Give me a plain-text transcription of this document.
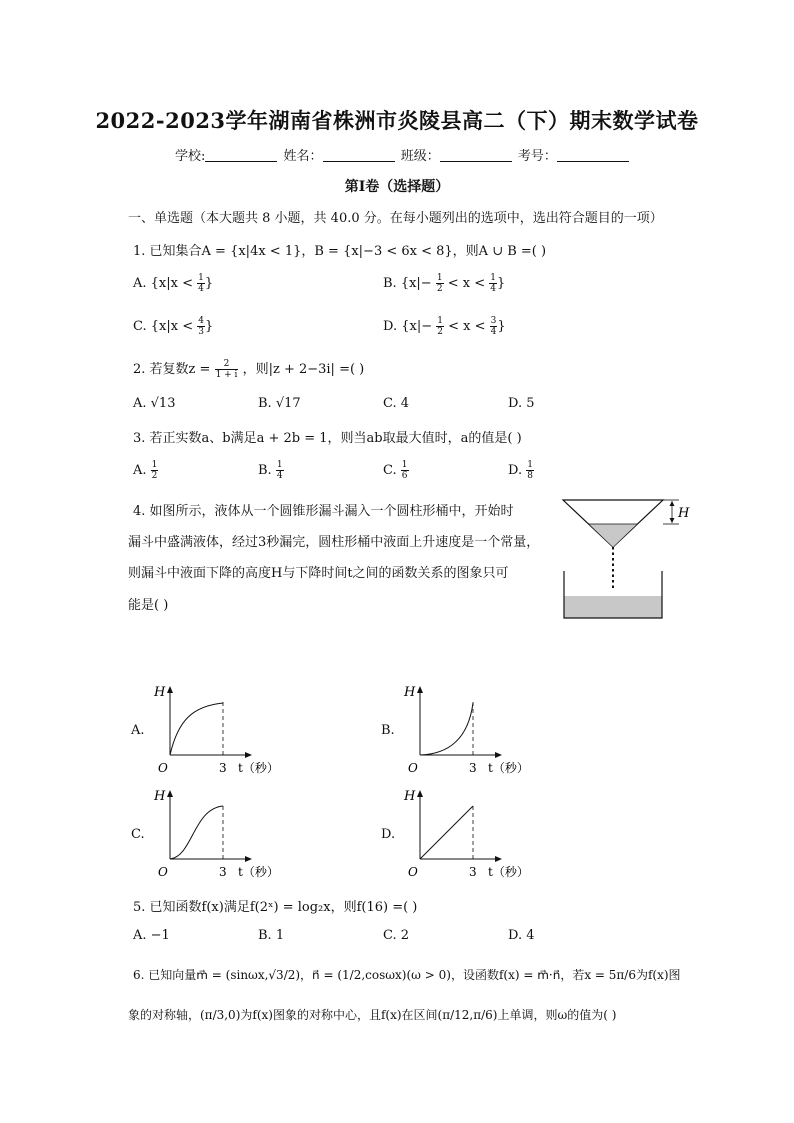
2022-2023学年湖南省株洲市炎陵县高二（下）期末数学试卷
学校:	姓名：	班级：	考号：
第I卷（选择题）
一、单选题（本大题共 8 小题，共 40.0 分。在每小题列出的选项中，选出符合题目的一项）
1. 已知集合A = {x|4x < 1}，B = {x|−3 < 6x < 8}，则A ∪ B =( )
A. {$x|x < \frac{1}{4}$ }	B. {$x|- \frac{1}{2} < x < \frac{1}{4}$ }
C. {$x|x < \frac{4}{3}$ }	D. {$x|- \frac{1}{2} < x < \frac{3}{4}$ }
2. 若复数$z = \frac{2}{1 + i}$ ，则|z + 2−3i| =( )
A. √13	B. √17	C. 4	D. 5
3. 若正实数a、b满足a + 2b = 1，则当ab取最大值时，a的值是( )
A. $\frac{1}{2}$	B. $\frac{1}{4}$	C. $\frac{1}{6}$	D. $\frac{1}{8}$
4. 如图所示，液体从一个圆锥形漏斗漏入一个圆柱形桶中，开始时
漏斗中盛满液体，经过3秒漏完，圆柱形桶中液面上升速度是一个常量，
则漏斗中液面下降的高度H与下降时间t之间的函数关系的图象只可
能是( )
H
A.	B.
C.	D.
H
O	3 t（秒）
H
O	3 t（秒）
H
O	3 t（秒）
H
O	3 t（秒）
5. 已知函数f(x)满足f(2ˣ) = log₂x，则f(16) =( )
A. −1	B. 1	C. 2	D. 4
6. 已知向量m⃗ = (sinωx,√3/2)，n⃗ = (1/2,cosωx)(ω > 0)，设函数f(x) = m⃗·n⃗，若x = 5π/6为f(x)图
象的对称轴，(π/3,0)为f(x)图象的对称中心，且f(x)在区间(π/12,π/6)上单调，则ω的值为( )
